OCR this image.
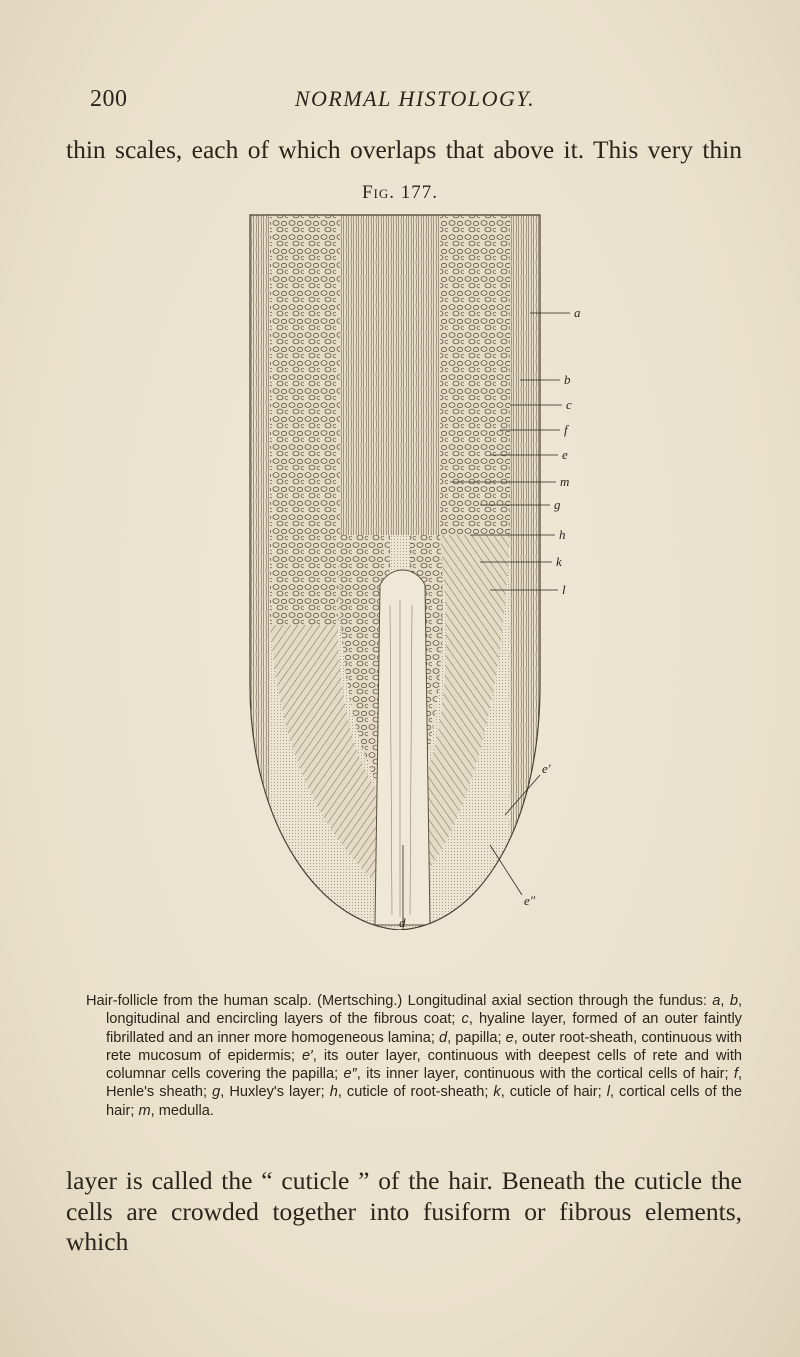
200	NORMAL HISTOLOGY.

thin scales, each of which overlaps that above it. This very thin

Fig. 177.
a
b
c
f
e
m
g
h
k
l
e′
e″
d

Hair-follicle from the human scalp. (Mertsching.) Longitudinal axial section through the fundus: a, b, longitudinal and encircling layers of the fibrous coat; c, hyaline layer, formed of an outer faintly fibrillated and an inner more homogeneous lamina; d, papilla; e, outer root-sheath, continuous with rete mucosum of epidermis; e′, its outer layer, continuous with deepest cells of rete and with columnar cells covering the papilla; e″, its inner layer, continuous with the cortical cells of hair; f, Henle's sheath; g, Huxley's layer; h, cuticle of root-sheath; k, cuticle of hair; l, cortical cells of the hair; m, medulla.

layer is called the “ cuticle ” of the hair. Beneath the cuticle the

cells are crowded together into fusiform or fibrous elements, which
